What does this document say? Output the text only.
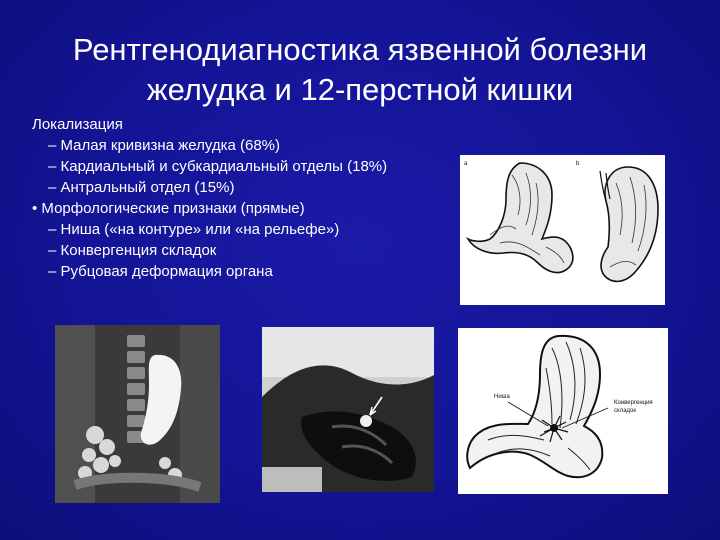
Рентгенодиагностика язвенной болезни
желудка и 12-перстной кишки
Локализация
– Малая кривизна желудка (68%)
– Кардиальный и субкардиальный отделы (18%)
– Антральный отдел (15%)
• Морфологические признаки (прямые)
– Ниша («на контуре» или «на рельефе»)
– Конвергенция складок
– Рубцовая деформация органа
a	b
Ниша
Конвергенция
складок
